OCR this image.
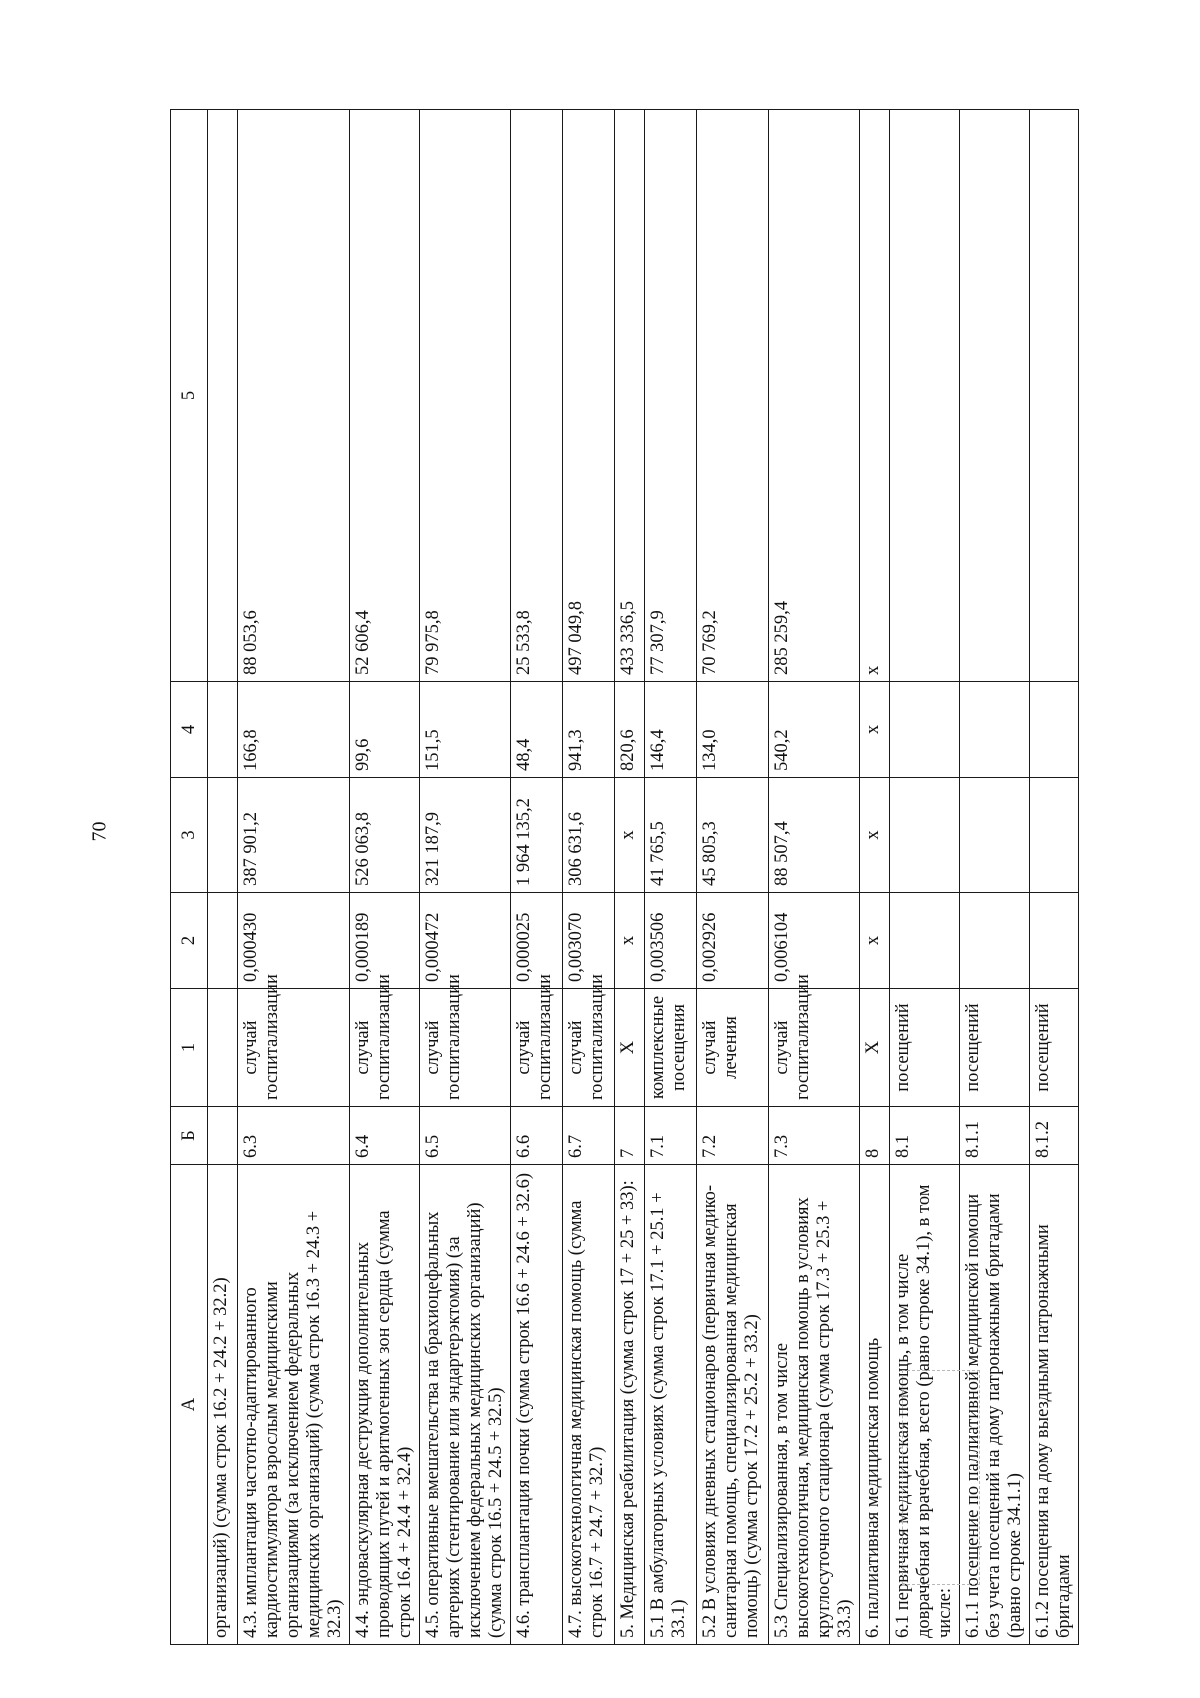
70
А	Б	1	2	3	4	5
организаций) (сумма строк 16.2 + 24.2 + 32.2)						
4.3. имплантация частотно-адаптированного кардиостимулятора взрослым медицинскими организациями (за исключением федеральных медицинских организаций) (сумма строк 16.3 + 24.3 + 32.3)	6.3	случай госпитализации	0,000430	387 901,2	166,8	88 053,6
4.4. эндоваскулярная деструкция дополнительных проводящих путей и аритмогенных зон сердца (сумма строк 16.4 + 24.4 + 32.4)	6.4	случай госпитализации	0,000189	526 063,8	99,6	52 606,4
4.5. оперативные вмешательства на брахиоцефальных артериях (стентирование или эндартерэктомия) (за исключением федеральных медицинских организаций) (сумма строк 16.5 + 24.5 + 32.5)	6.5	случай госпитализации	0,000472	321 187,9	151,5	79 975,8
4.6. трансплантация почки (сумма строк 16.6 + 24.6 + 32.6)	6.6	случай госпитализации	0,000025	1 964 135,2	48,4	25 533,8
4.7. высокотехнологичная медицинская помощь (сумма строк 16.7 + 24.7 + 32.7)	6.7	случай госпитализации	0,003070	306 631,6	941,3	497 049,8
5. Медицинская реабилитация (сумма строк 17 + 25 + 33):	7	X	x	x	820,6	433 336,5
5.1 В амбулаторных условиях (сумма строк 17.1 + 25.1 + 33.1)	7.1	комплексные посещения	0,003506	41 765,5	146,4	77 307,9
5.2 В условиях дневных стационаров (первичная медико-санитарная помощь, специализированная медицинская помощь) (сумма строк 17.2 + 25.2 + 33.2)	7.2	случай лечения	0,002926	45 805,3	134,0	70 769,2
5.3 Специализированная, в том числе высокотехнологичная, медицинская помощь в условиях круглосуточного стационара (сумма строк 17.3 + 25.3 + 33.3)	7.3	случай госпитализации	0,006104	88 507,4	540,2	285 259,4
6. паллиативная медицинская помощь	8	X	x	x	x	x
6.1 первичная медицинская помощь, в том числе доврачебная и врачебная, всего (равно строке 34.1), в том числе:	8.1	посещений				
6.1.1 посещение по паллиативной медицинской помощи без учета посещений на дому патронажными бригадами (равно строке 34.1.1)	8.1.1	посещений				
6.1.2 посещения на дому выездными патронажными бригадами	8.1.2	посещений				
